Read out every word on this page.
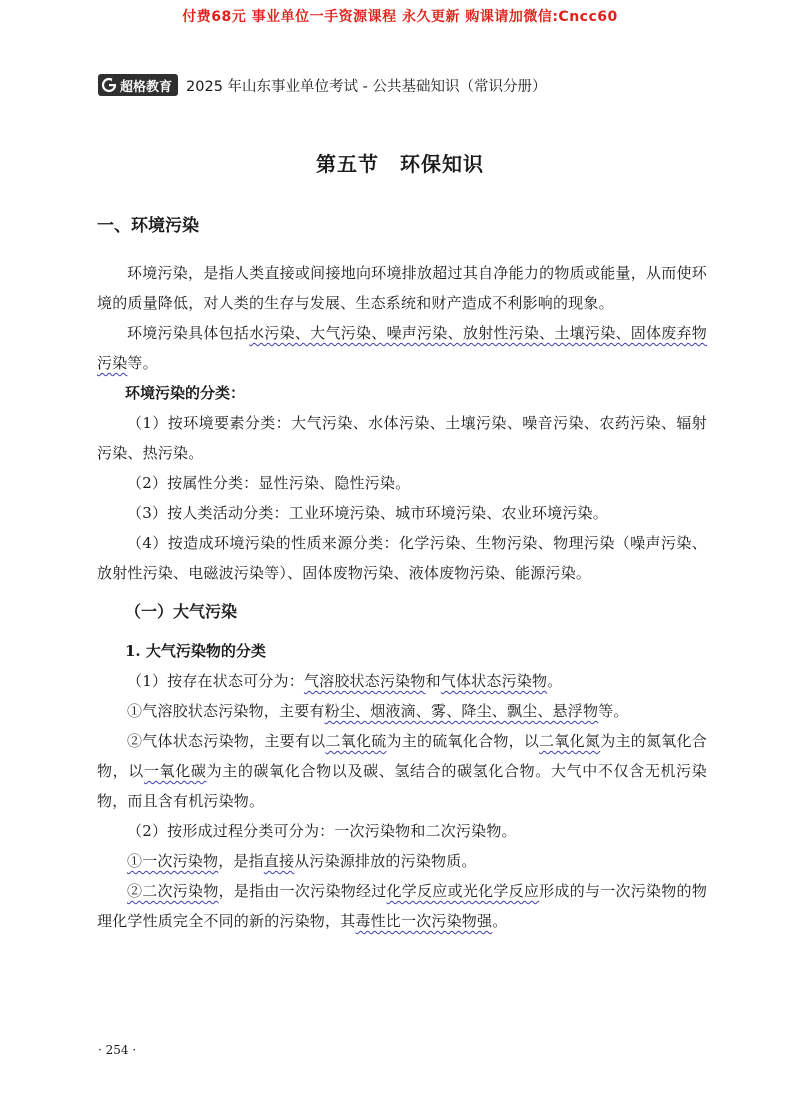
付费68元 事业单位一手资源课程 永久更新 购课请加微信:Cncc60
超格教育 2025 年山东事业单位考试 - 公共基础知识（常识分册）
第五节　环保知识

一、环境污染

环境污染，是指人类直接或间接地向环境排放超过其自净能力的物质或能量，从而使环境的质量降低，对人类的生存与发展、生态系统和财产造成不利影响的现象。

环境污染具体包括水污染、大气污染、噪声污染、放射性污染、土壤污染、固体废弃物污染等。

环境污染的分类：

（1）按环境要素分类：大气污染、水体污染、土壤污染、噪音污染、农药污染、辐射污染、热污染。

（2）按属性分类：显性污染、隐性污染。

（3）按人类活动分类：工业环境污染、城市环境污染、农业环境污染。

（4）按造成环境污染的性质来源分类：化学污染、生物污染、物理污染（噪声污染、放射性污染、电磁波污染等）、固体废物污染、液体废物污染、能源污染。

（一）大气污染

1. 大气污染物的分类

（1）按存在状态可分为：气溶胶状态污染物和气体状态污染物。

①气溶胶状态污染物，主要有粉尘、烟液滴、雾、降尘、飘尘、悬浮物等。

②气体状态污染物，主要有以二氧化硫为主的硫氧化合物，以二氧化氮为主的氮氧化合物，以一氧化碳为主的碳氧化合物以及碳、氢结合的碳氢化合物。大气中不仅含无机污染物，而且含有机污染物。

（2）按形成过程分类可分为：一次污染物和二次污染物。

①一次污染物，是指直接从污染源排放的污染物质。

②二次污染物，是指由一次污染物经过化学反应或光化学反应形成的与一次污染物的物理化学性质完全不同的新的污染物，其毒性比一次污染物强。

· 254 ·
